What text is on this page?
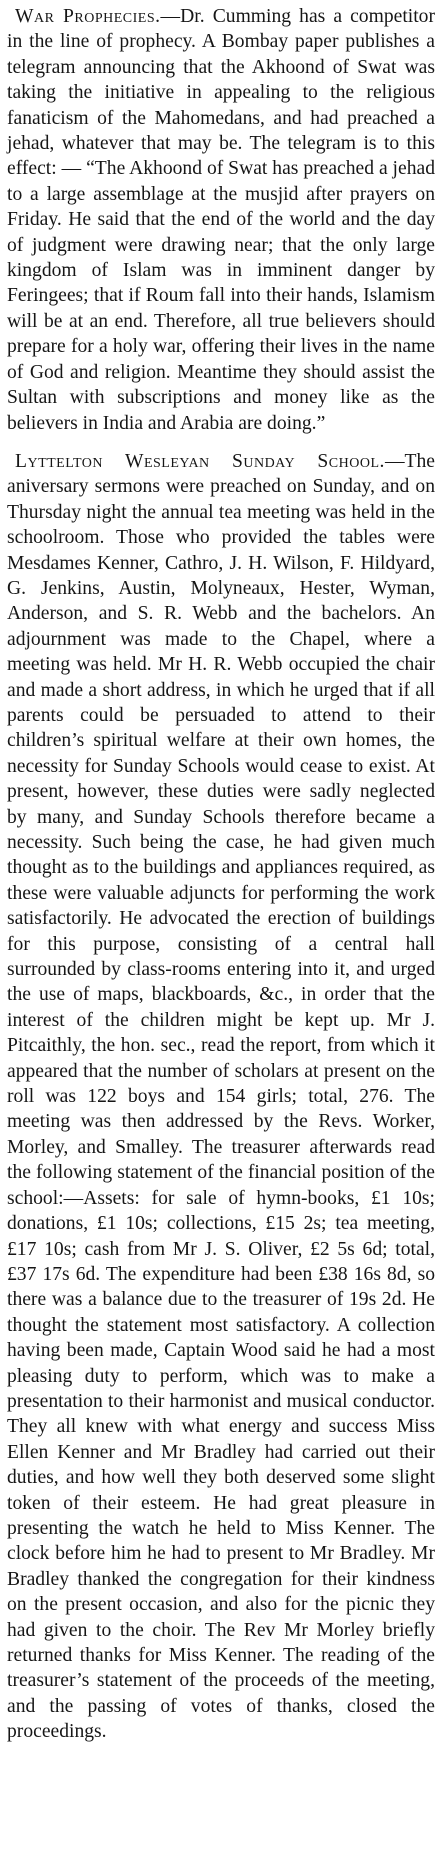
War Prophecies.—Dr. Cumming has a competitor in the line of prophecy. A Bombay paper publishes a telegram announcing that the Akhoond of Swat was taking the initiative in appealing to the religious fanaticism of the Mahomedans, and had preached a jehad, whatever that may be. The telegram is to this effect: — “The Akhoond of Swat has preached a jehad to a large assemblage at the musjid after prayers on Friday. He said that the end of the world and the day of judgment were drawing near; that the only large kingdom of Islam was in imminent danger by Feringees; that if Roum fall into their hands, Islamism will be at an end. Therefore, all true believers should prepare for a holy war, offering their lives in the name of God and religion. Meantime they should assist the Sultan with subscriptions and money like as the believers in India and Arabia are doing.”

Lyttelton Wesleyan Sunday School.—The aniversary sermons were preached on Sunday, and on Thursday night the annual tea meeting was held in the schoolroom. Those who provided the tables were Mesdames Kenner, Cathro, J. H. Wilson, F. Hildyard, G. Jenkins, Austin, Molyneaux, Hester, Wyman, Anderson, and S. R. Webb and the bachelors. An adjournment was made to the Chapel, where a meeting was held. Mr H. R. Webb occupied the chair and made a short address, in which he urged that if all parents could be persuaded to attend to their children’s spiritual welfare at their own homes, the necessity for Sunday Schools would cease to exist. At present, however, these duties were sadly neglected by many, and Sunday Schools therefore became a necessity. Such being the case, he had given much thought as to the buildings and appliances required, as these were valuable adjuncts for performing the work satisfactorily. He advocated the erection of buildings for this purpose, consisting of a central hall surrounded by class-rooms entering into it, and urged the use of maps, blackboards, &c., in order that the interest of the children might be kept up. Mr J. Pitcaithly, the hon. sec., read the report, from which it appeared that the number of scholars at present on the roll was 122 boys and 154 girls; total, 276. The meeting was then addressed by the Revs. Worker, Morley, and Smalley. The treasurer afterwards read the following statement of the financial position of the school:—Assets: for sale of hymn-books, £1 10s; donations, £1 10s; collections, £15 2s; tea meeting, £17 10s; cash from Mr J. S. Oliver, £2 5s 6d; total, £37 17s 6d. The expenditure had been £38 16s 8d, so there was a balance due to the treasurer of 19s 2d. He thought the statement most satisfactory. A collection having been made, Captain Wood said he had a most pleasing duty to perform, which was to make a presentation to their harmonist and musical conductor. They all knew with what energy and success Miss Ellen Kenner and Mr Bradley had carried out their duties, and how well they both deserved some slight token of their esteem. He had great pleasure in presenting the watch he held to Miss Kenner. The clock before him he had to present to Mr Bradley. Mr Bradley thanked the congregation for their kindness on the present occasion, and also for the picnic they had given to the choir. The Rev Mr Morley briefly returned thanks for Miss Kenner. The reading of the treasurer’s statement of the proceeds of the meeting, and the passing of votes of thanks, closed the proceedings.
